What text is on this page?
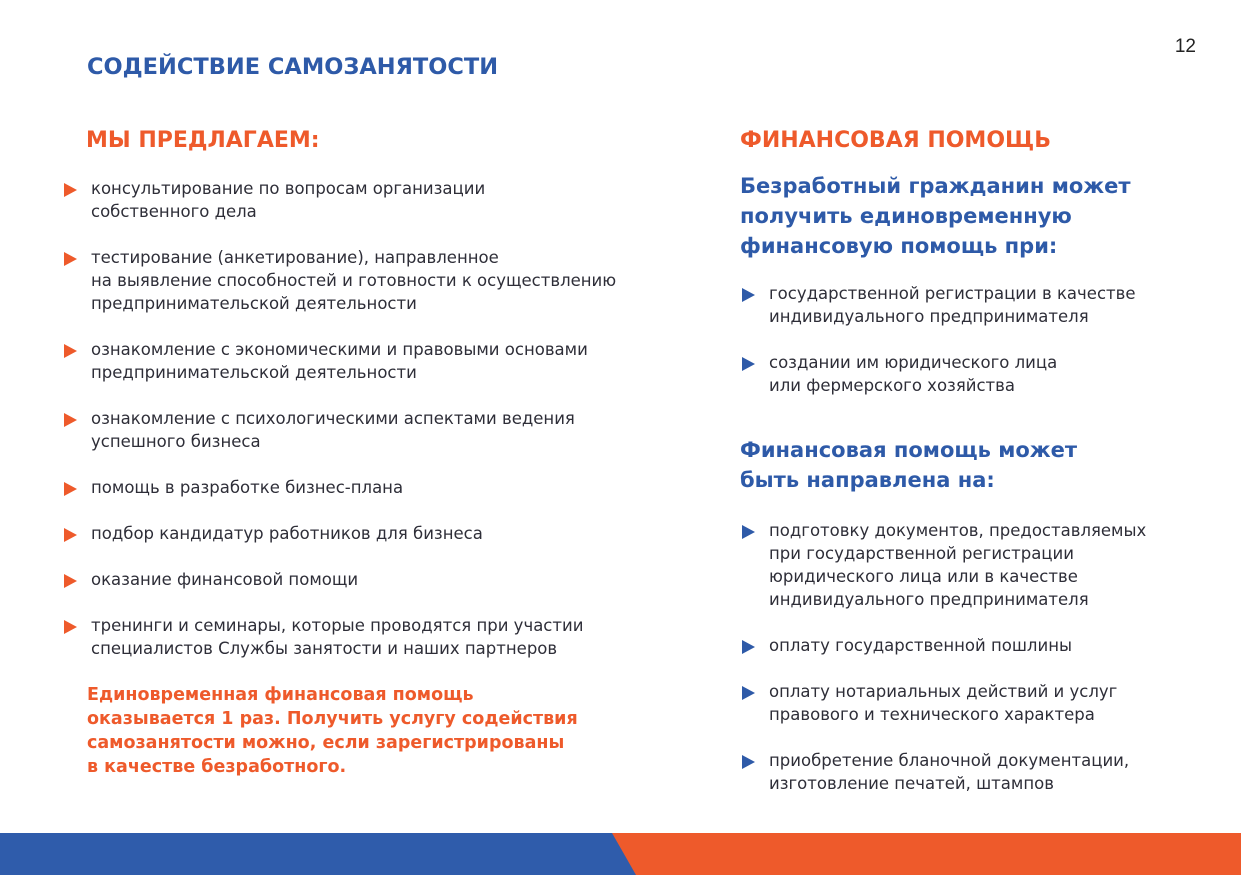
12
СОДЕЙСТВИЕ САМОЗАНЯТОСТИ
МЫ ПРЕДЛАГАЕМ:
консультирование по вопросам организации
собственного дела
тестирование (анкетирование), направленное
на выявление способностей и готовности к осуществлению
предпринимательской деятельности
ознакомление с экономическими и правовыми основами
предпринимательской деятельности
ознакомление с психологическими аспектами ведения
успешного бизнеса
помощь в разработке бизнес-плана
подбор кандидатур работников для бизнеса
оказание финансовой помощи
тренинги и семинары, которые проводятся при участии
специалистов Службы занятости и наших партнеров
Единовременная финансовая помощь
оказывается 1 раз. Получить услугу содействия
самозанятости можно, если зарегистрированы
в качестве безработного.
ФИНАНСОВАЯ ПОМОЩЬ

Безработный гражданин может
получить единовременную
финансовую помощь при:

государственной регистрации в качестве
индивидуального предпринимателя
создании им юридического лица
или фермерского хозяйства

Финансовая помощь может
быть направлена на:

подготовку документов, предоставляемых
при государственной регистрации
юридического лица или в качестве
индивидуального предпринимателя
оплату государственной пошлины
оплату нотариальных действий и услуг
правового и технического характера
приобретение бланочной документации,
изготовление печатей, штампов
